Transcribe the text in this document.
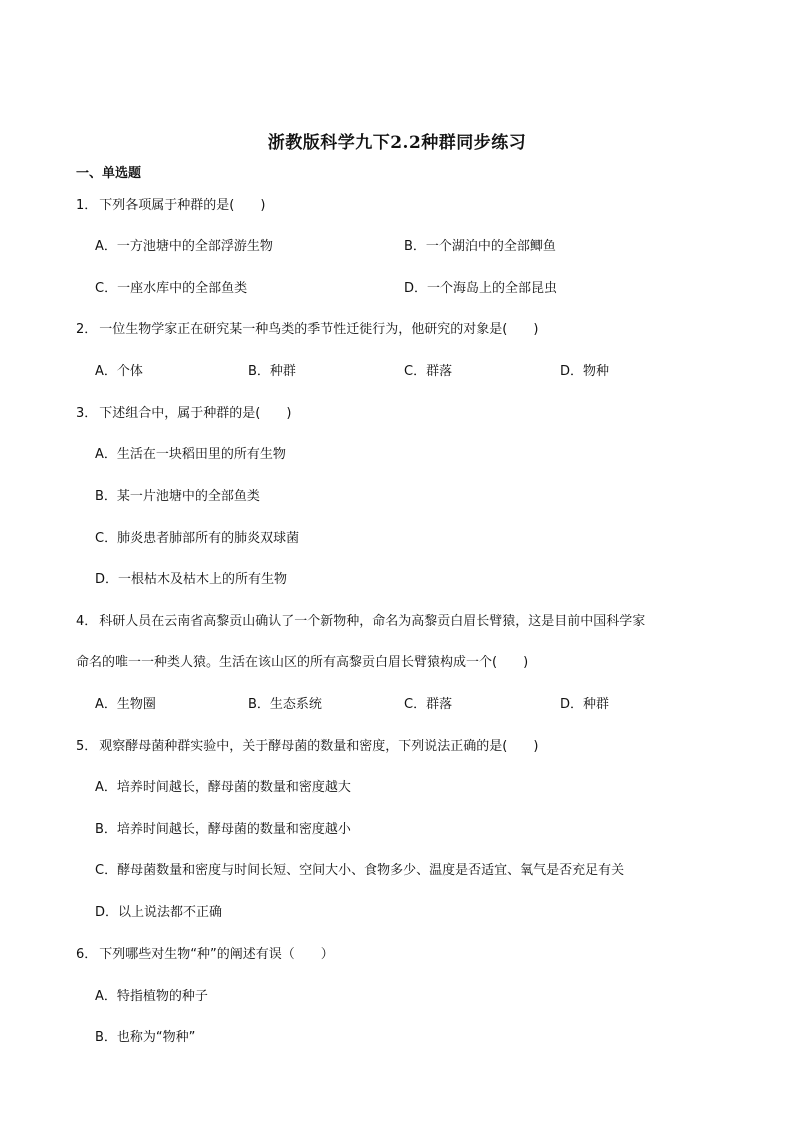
浙教版科学九下2.2种群同步练习
一、单选题
1． 下列各项属于种群的是(　　)
A．一方池塘中的全部浮游生物	B．一个湖泊中的全部鲫鱼
C．一座水库中的全部鱼类	D．一个海岛上的全部昆虫
2． 一位生物学家正在研究某一种鸟类的季节性迁徙行为，他研究的对象是(　　)
A．个体	B．种群	C．群落	D．物种
3． 下述组合中，属于种群的是(　　)
A．生活在一块稻田里的所有生物
B．某一片池塘中的全部鱼类
C．肺炎患者肺部所有的肺炎双球菌
D．一根枯木及枯木上的所有生物
4． 科研人员在云南省高黎贡山确认了一个新物种，命名为高黎贡白眉长臂猿，这是目前中国科学家
命名的唯一一种类人猿。生活在该山区的所有高黎贡白眉长臂猿构成一个(　　)
A．生物圈	B．生态系统	C．群落	D．种群
5． 观察酵母菌种群实验中，关于酵母菌的数量和密度，下列说法正确的是(　　)
A．培养时间越长，酵母菌的数量和密度越大
B．培养时间越长，酵母菌的数量和密度越小
C．酵母菌数量和密度与时间长短、空间大小、食物多少、温度是否适宜、氧气是否充足有关
D．以上说法都不正确
6． 下列哪些对生物“种”的阐述有误（　　）
A．特指植物的种子
B．也称为“物种”
